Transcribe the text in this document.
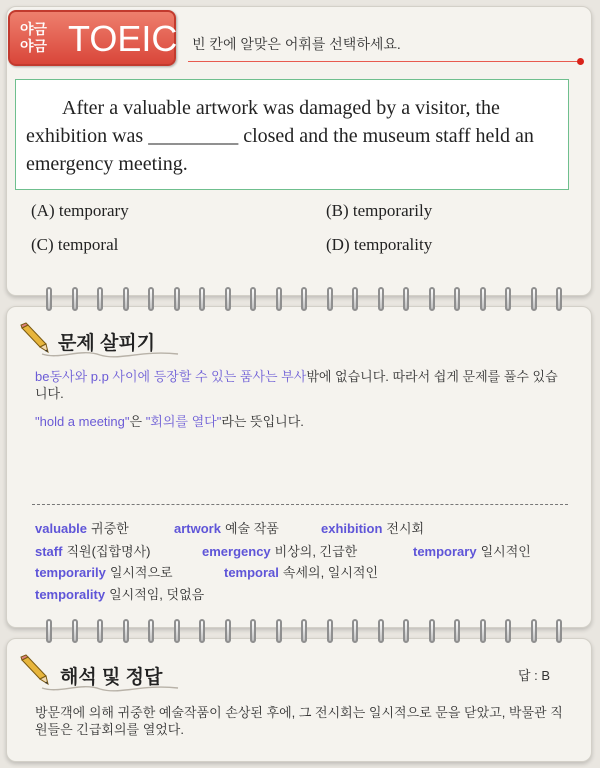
야금
야금 TOEIC 빈 칸에 알맞은 어휘를 선택하세요.

After a valuable artwork was damaged by a visitor, the exhibition was _________ closed and the museum staff held an emergency meeting.

(A) temporary	(B) temporarily
(C) temporal	(D) temporality
문제 살피기
be동사와 p.p 사이에 등장할 수 있는 품사는 부사밖에 없습니다. 따라서 쉽게 문제를 풀수 있습니다.
"hold a meeting"은 "회의를 열다"라는 뜻입니다.
valuable 귀중한	artwork 예술 작품	exhibition 전시회
staff 직원(집합명사)	emergency 비상의, 긴급한	temporary 일시적인
temporarily 일시적으로	temporal 속세의, 일시적인
temporality 일시적임, 덧없음
해석 및 정답	답 : B
방문객에 의해 귀중한 예술작품이 손상된 후에, 그 전시회는 일시적으로 문을 닫았고, 박물관 직원들은 긴급회의를 열었다.
